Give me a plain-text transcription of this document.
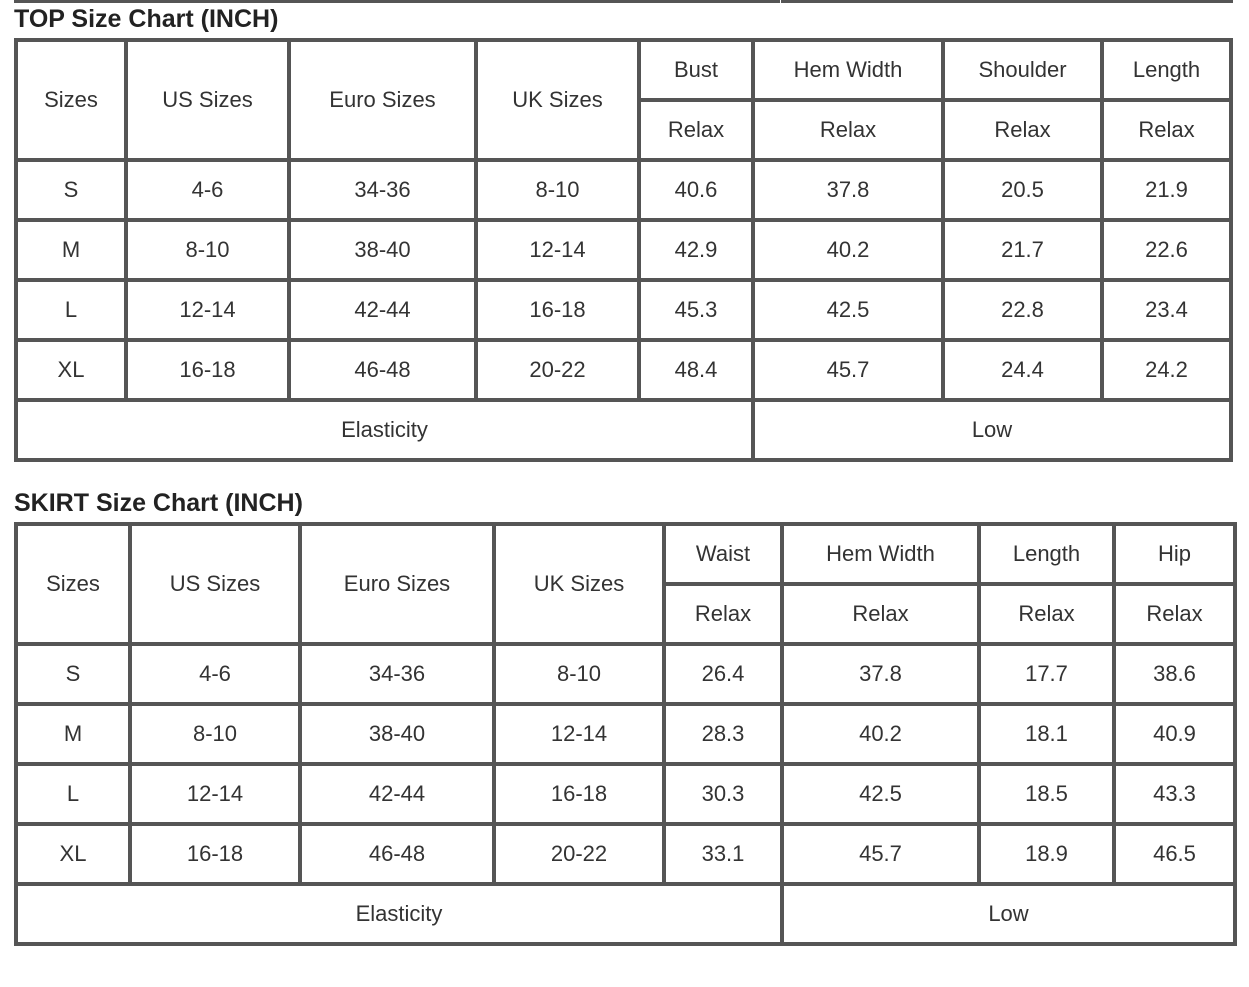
TOP Size Chart (INCH)
Sizes	US Sizes	Euro Sizes	UK Sizes	Bust	Hem Width	Shoulder	Length
				Relax	Relax	Relax	Relax
S	4-6	34-36	8-10	40.6	37.8	20.5	21.9
M	8-10	38-40	12-14	42.9	40.2	21.7	22.6
L	12-14	42-44	16-18	45.3	42.5	22.8	23.4
XL	16-18	46-48	20-22	48.4	45.7	24.4	24.2
Elasticity					Low		
SKIRT Size Chart (INCH)
Sizes	US Sizes	Euro Sizes	UK Sizes	Waist	Hem Width	Length	Hip
				Relax	Relax	Relax	Relax
S	4-6	34-36	8-10	26.4	37.8	17.7	38.6
M	8-10	38-40	12-14	28.3	40.2	18.1	40.9
L	12-14	42-44	16-18	30.3	42.5	18.5	43.3
XL	16-18	46-48	20-22	33.1	45.7	18.9	46.5
Elasticity					Low		
